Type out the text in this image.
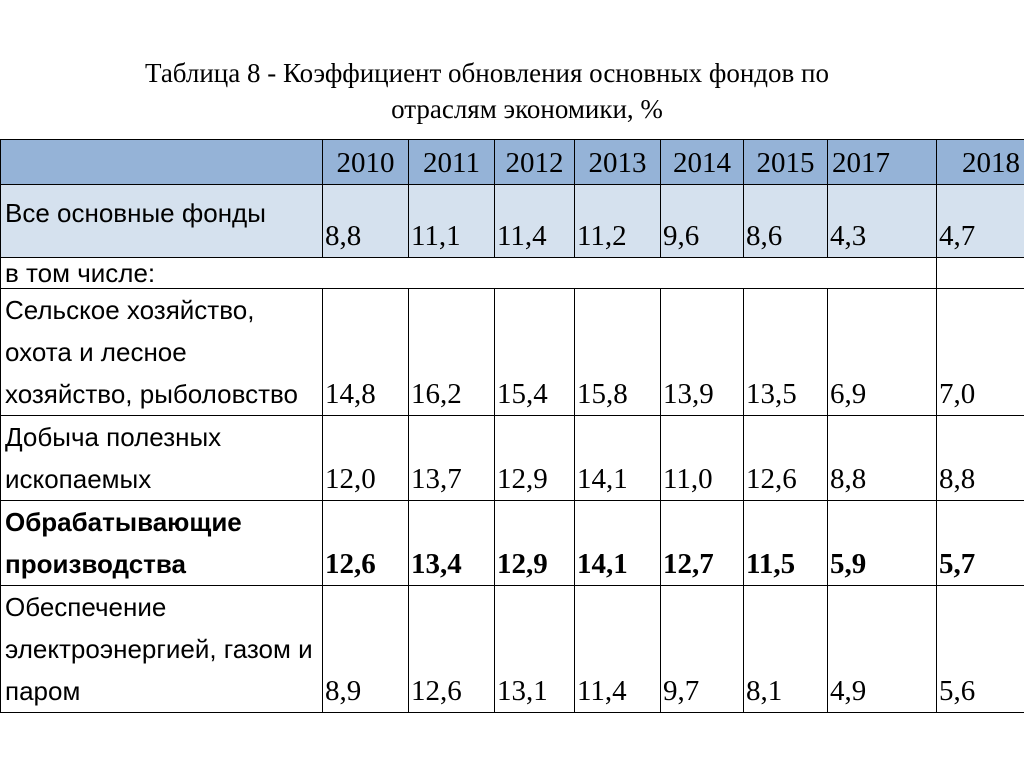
Таблица 8 - Коэффициент обновления основных фондов по
отраслям экономики, %
	2010	2011	2012	2013	2014	2015	2017	2018
Все основные фонды	8,8	11,1	11,4	11,2	9,6	8,6	4,3	4,7
в том числе:								
Сельское хозяйство, охота и лесное хозяйство, рыболовство	14,8	16,2	15,4	15,8	13,9	13,5	6,9	7,0
Добыча полезных ископаемых	12,0	13,7	12,9	14,1	11,0	12,6	8,8	8,8
Обрабатывающие производства	12,6	13,4	12,9	14,1	12,7	11,5	5,9	5,7
Обеспечение электроэнергией, газом и паром	8,9	12,6	13,1	11,4	9,7	8,1	4,9	5,6
